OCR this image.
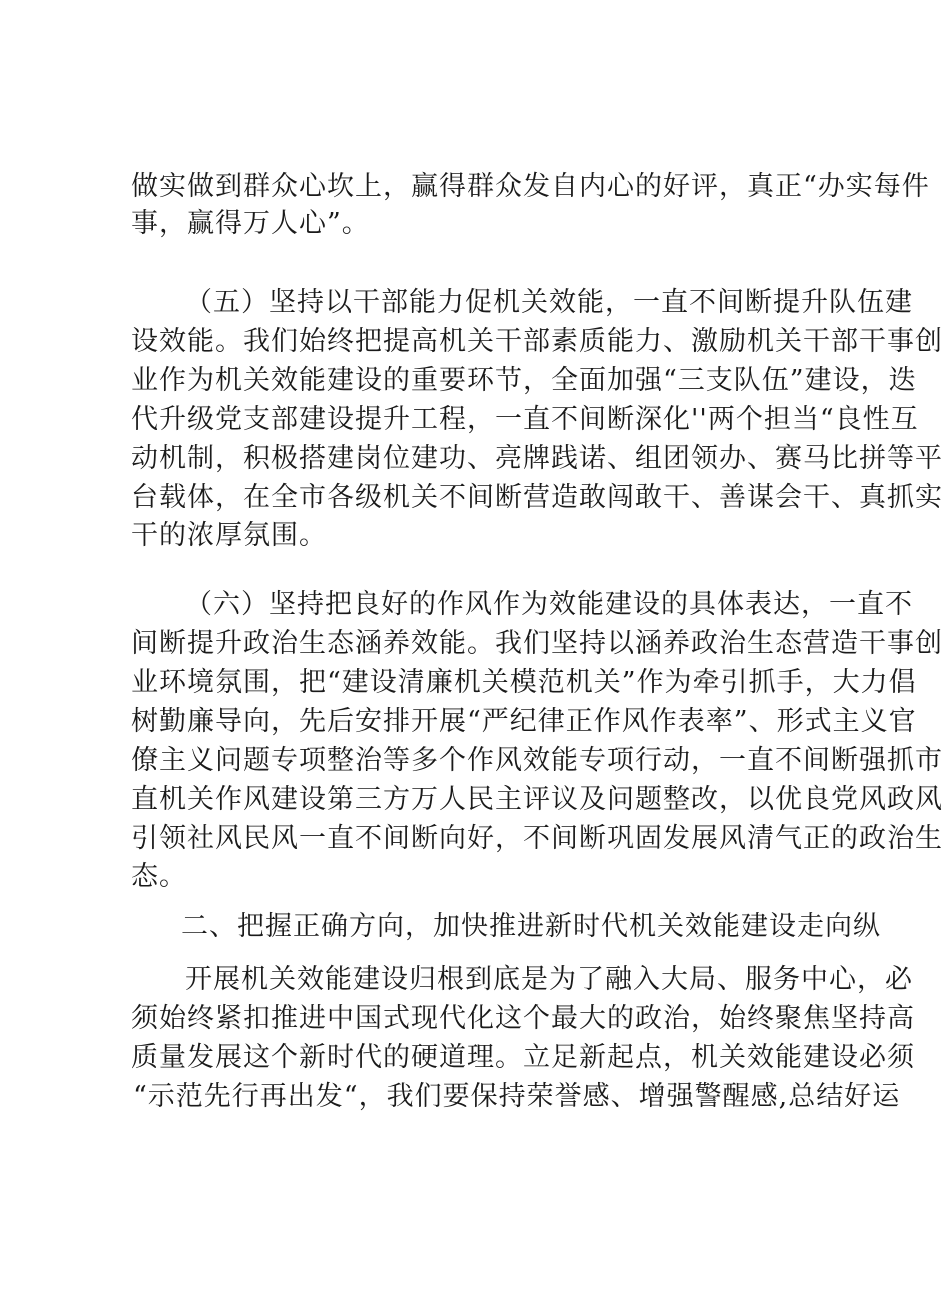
做实做到群众心坎上，赢得群众发自内心的好评，真正“办实每件
事，赢得万人心”。
（五）坚持以干部能力促机关效能，一直不间断提升队伍建
设效能。我们始终把提高机关干部素质能力、激励机关干部干事创
业作为机关效能建设的重要环节，全面加强“三支队伍”建设，迭
代升级党支部建设提升工程，一直不间断深化''两个担当“良性互
动机制，积极搭建岗位建功、亮牌践诺、组团领办、赛马比拼等平
台载体，在全市各级机关不间断营造敢闯敢干、善谋会干、真抓实
干的浓厚氛围。
（六）坚持把良好的作风作为效能建设的具体表达，一直不
间断提升政治生态涵养效能。我们坚持以涵养政治生态营造干事创
业环境氛围，把“建设清廉机关模范机关”作为牵引抓手，大力倡
树勤廉导向，先后安排开展“严纪律正作风作表率”、形式主义官
僚主义问题专项整治等多个作风效能专项行动，一直不间断强抓市
直机关作风建设第三方万人民主评议及问题整改，以优良党风政风
引领社风民风一直不间断向好，不间断巩固发展风清气正的政治生
态。
二、把握正确方向，加快推进新时代机关效能建设走向纵
开展机关效能建设归根到底是为了融入大局、服务中心，必
须始终紧扣推进中国式现代化这个最大的政治，始终聚焦坚持高
质量发展这个新时代的硬道理。立足新起点，机关效能建设必须
“示范先行再出发“，我们要保持荣誉感、增强警醒感,总结好运
